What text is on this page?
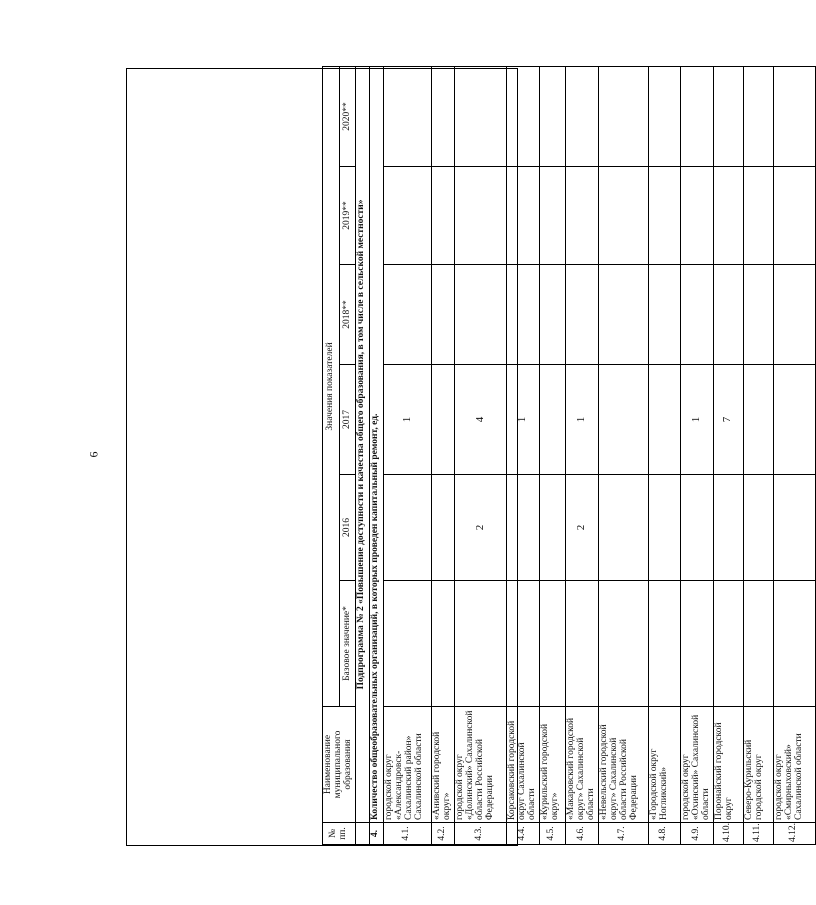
6
№ пп.	Наименование муниципального образования	Значения показателей					
		Базовое значение*	2016	2017	2018**	2019**	2020**
	Подпрограмма № 2 «Повышение доступности и качества общего образования, в том числе в сельской местности»						
4.	Количество общеобразовательных организаций, в которых проведен капитальный ремонт, ед.						
4.1.	городской округ «Александровск-Сахалинский район» Сахалинской области			1			
4.2.	«Анивский городской округ»						
4.3.	городской округ «Долинский» Сахалинской области Российской Федерации		2	4			
4.4.	Корсаковский городской округ Сахалинской области			1			
4.5.	«Курильский городской округ»						
4.6.	«Макаровский городской округ» Сахалинской области		2	1			
4.7.	«Невельский городской округ» Сахалинской области Российской Федерации						
4.8.	«Городской округ Ногликский»						
4.9.	городской округ «Охинский» Сахалинской области			1			
4.10.	Поронайский городской округ			7			
4.11.	Северо-Курильский городской округ						
4.12.	городской округ «Смирныховский» Сахалинской области						
